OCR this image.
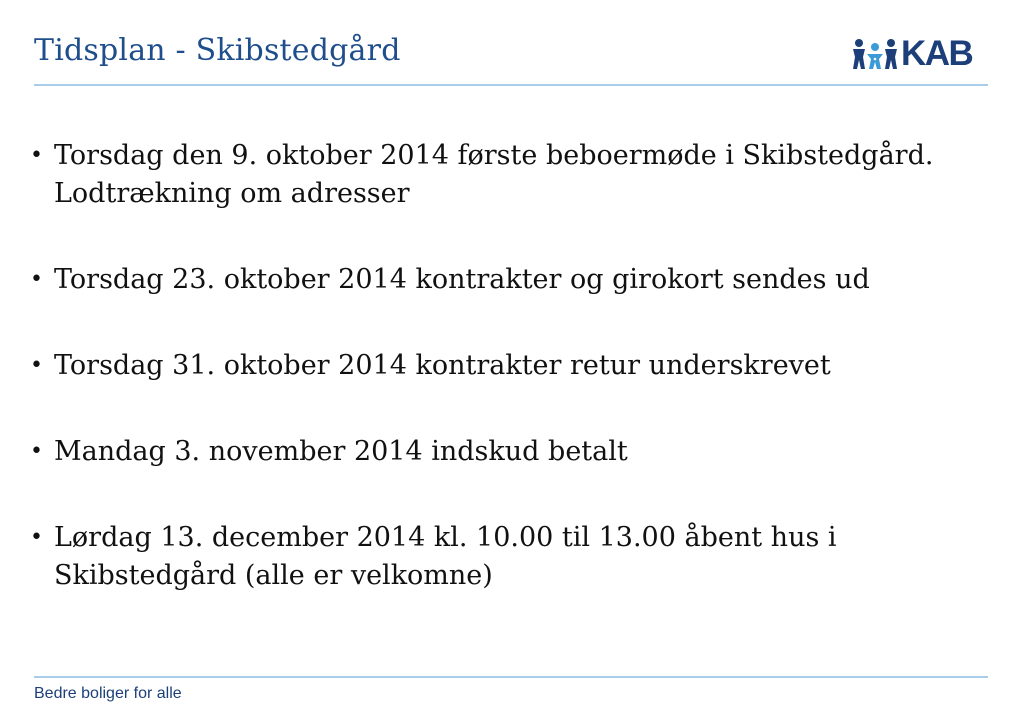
Tidsplan - Skibstedgård	KAB
• Torsdag den 9. oktober 2014 første beboermøde i Skibstedgård. Lodtrækning om adresser
• Torsdag 23. oktober 2014 kontrakter og girokort sendes ud
• Torsdag 31. oktober 2014 kontrakter retur underskrevet
• Mandag 3. november 2014 indskud betalt
• Lørdag 13. december 2014 kl. 10.00 til 13.00 åbent hus i Skibstedgård (alle er velkomne)
Bedre boliger for alle
